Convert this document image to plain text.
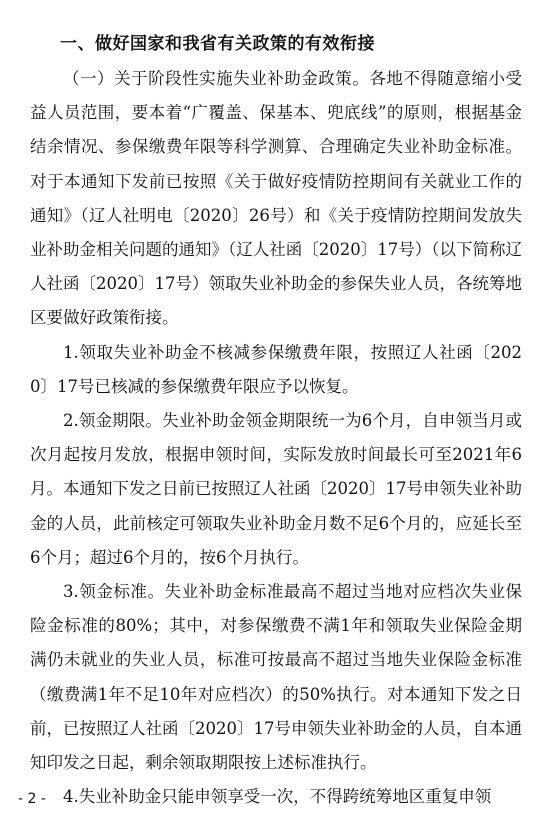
一、做好国家和我省有关政策的有效衔接

（一）关于阶段性实施失业补助金政策。各地不得随意缩小受益人员范围，要本着“广覆盖、保基本、兜底线”的原则，根据基金结余情况、参保缴费年限等科学测算、合理确定失业补助金标准。对于本通知下发前已按照《关于做好疫情防控期间有关就业工作的通知》（辽人社明电〔2020〕26号）和《关于疫情防控期间发放失业补助金相关问题的通知》（辽人社函〔2020〕17号）（以下简称辽人社函〔2020〕17号）领取失业补助金的参保失业人员，各统筹地区要做好政策衔接。

1.领取失业补助金不核减参保缴费年限，按照辽人社函〔2020〕17号已核减的参保缴费年限应予以恢复。

2.领金期限。失业补助金领金期限统一为6个月，自申领当月或次月起按月发放，根据申领时间，实际发放时间最长可至2021年6月。本通知下发之日前已按照辽人社函〔2020〕17号申领失业补助金的人员，此前核定可领取失业补助金月数不足6个月的，应延长至6个月；超过6个月的，按6个月执行。

3.领金标准。失业补助金标准最高不超过当地对应档次失业保险金标准的80%；其中，对参保缴费不满1年和领取失业保险金期满仍未就业的失业人员，标准可按最高不超过当地失业保险金标准（缴费满1年不足10年对应档次）的50%执行。对本通知下发之日前，已按照辽人社函〔2020〕17号申领失业补助金的人员，自本通知印发之日起，剩余领取期限按上述标准执行。

4.失业补助金只能申领享受一次，不得跨统筹地区重复申领

- 2 -
